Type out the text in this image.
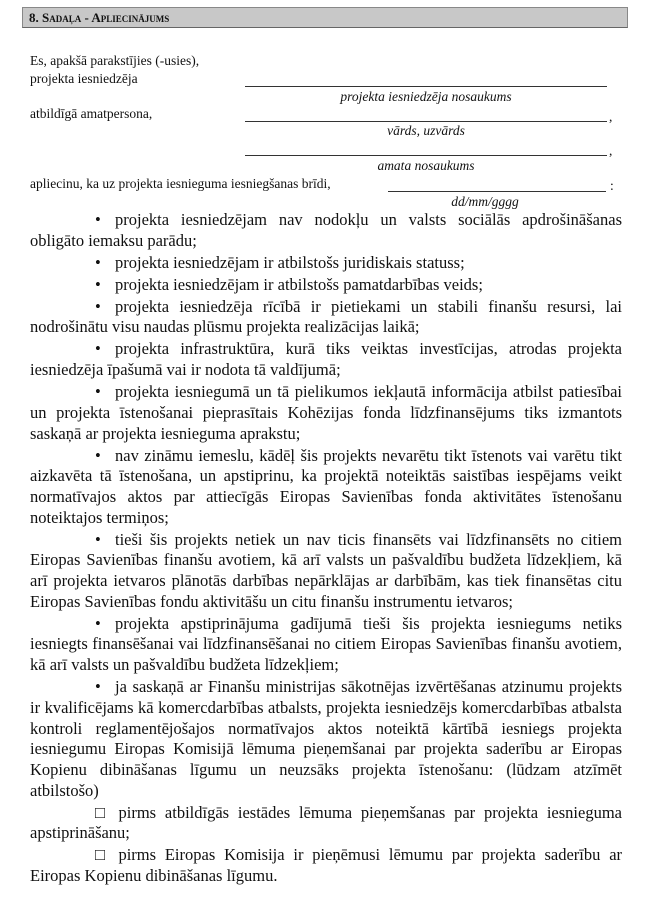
8. Sadaļa - Apliecinājums
Es, apakšā parakstījies (-usies),
projekta iesniedzēja
projekta iesniedzēja nosaukums
atbildīgā amatpersona,	,
vārds, uzvārds
,
amata nosaukums
apliecinu, ka uz projekta iesnieguma iesniegšanas brīdi,	:
dd/mm/gggg
• projekta iesniedzējam nav nodokļu un valsts sociālās apdrošināšanas obligāto iemaksu parādu;
• projekta iesniedzējam ir atbilstošs juridiskais statuss;
• projekta iesniedzējam ir atbilstošs pamatdarbības veids;
• projekta iesniedzēja rīcībā ir pietiekami un stabili finanšu resursi, lai nodrošinātu visu naudas plūsmu projekta realizācijas laikā;
• projekta infrastruktūra, kurā tiks veiktas investīcijas, atrodas projekta iesniedzēja īpašumā vai ir nodota tā valdījumā;
• projekta iesniegumā un tā pielikumos iekļautā informācija atbilst patiesībai un projekta īstenošanai pieprasītais Kohēzijas fonda līdzfinansējums tiks izmantots saskaņā ar projekta iesnieguma aprakstu;
• nav zināmu iemeslu, kādēļ šis projekts nevarētu tikt īstenots vai varētu tikt aizkavēta tā īstenošana, un apstiprinu, ka projektā noteiktās saistības iespējams veikt normatīvajos aktos par attiecīgās Eiropas Savienības fonda aktivitātes īstenošanu noteiktajos termiņos;
• tieši šis projekts netiek un nav ticis finansēts vai līdzfinansēts no citiem Eiropas Savienības finanšu avotiem, kā arī valsts un pašvaldību budžeta līdzekļiem, kā arī projekta ietvaros plānotās darbības nepārklājas ar darbībām, kas tiek finansētas citu Eiropas Savienības fondu aktivitāšu un citu finanšu instrumentu ietvaros;
• projekta apstiprinājuma gadījumā tieši šis projekta iesniegums netiks iesniegts finansēšanai vai līdzfinansēšanai no citiem Eiropas Savienības finanšu avotiem, kā arī valsts un pašvaldību budžeta līdzekļiem;
• ja saskaņā ar Finanšu ministrijas sākotnējas izvērtēšanas atzinumu projekts ir kvalificējams kā komercdarbības atbalsts, projekta iesniedzējs komercdarbības atbalsta kontroli reglamentējošajos normatīvajos aktos noteiktā kārtībā iesniegs projekta iesniegumu Eiropas Komisijā lēmuma pieņemšanai par projekta saderību ar Eiropas Kopienu dibināšanas līgumu un neuzsāks projekta īstenošanu: (lūdzam atzīmēt atbilstošo)
□ pirms atbildīgās iestādes lēmuma pieņemšanas par projekta iesnieguma apstiprināšanu;
□ pirms Eiropas Komisija ir pieņēmusi lēmumu par projekta saderību ar Eiropas Kopienu dibināšanas līgumu.
